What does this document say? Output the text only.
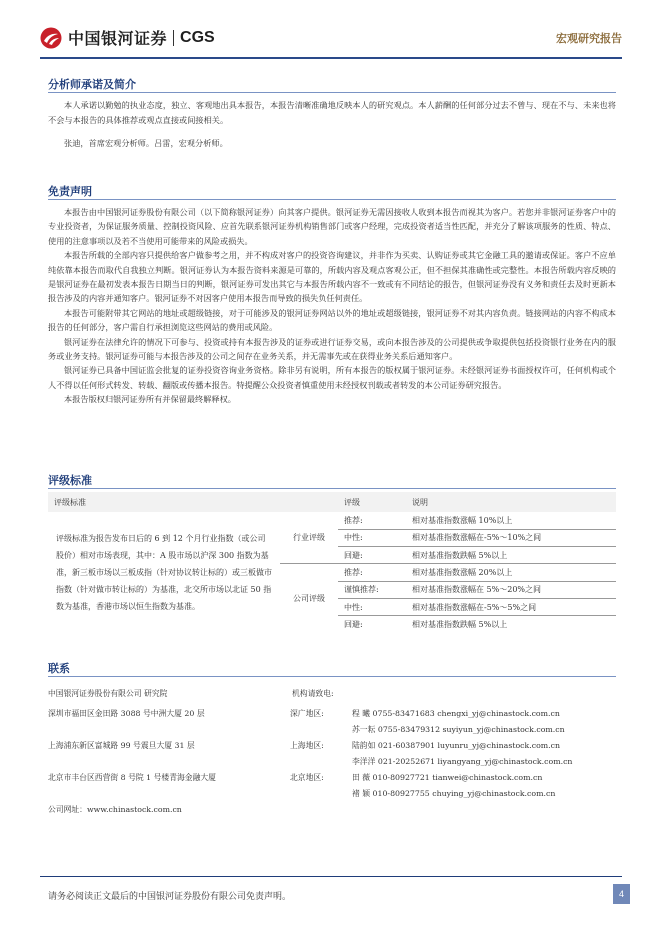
中国银河证券 CGS	宏观研究报告
分析师承诺及简介

本人承诺以勤勉的执业态度，独立、客观地出具本报告，本报告清晰准确地反映本人的研究观点。本人薪酬的任何部分过去不曾与、现在不与、未来也将不会与本报告的具体推荐或观点直接或间接相关。

张迪，首席宏观分析师。吕雷，宏观分析师。

免责声明

本报告由中国银河证券股份有限公司（以下简称银河证券）向其客户提供。银河证券无需因接收人收到本报告而视其为客户。若您并非银河证券客户中的专业投资者，为保证服务质量、控制投资风险、应首先联系银河证券机构销售部门或客户经理，完成投资者适当性匹配，并充分了解该项服务的性质、特点、使用的注意事项以及若不当使用可能带来的风险或损失。

本报告所载的全部内容只提供给客户做参考之用，并不构成对客户的投资咨询建议，并非作为买卖、认购证券或其它金融工具的邀请或保证。客户不应单纯依靠本报告而取代自我独立判断。银河证券认为本报告资料来源是可靠的，所载内容及观点客观公正，但不担保其准确性或完整性。本报告所载内容反映的是银河证券在最初发表本报告日期当日的判断，银河证券可发出其它与本报告所载内容不一致或有不同结论的报告，但银河证券没有义务和责任去及时更新本报告涉及的内容并通知客户。银河证券不对因客户使用本报告而导致的损失负任何责任。

本报告可能附带其它网站的地址或超级链接，对于可能涉及的银河证券网站以外的地址或超级链接，银河证券不对其内容负责。链接网站的内容不构成本报告的任何部分，客户需自行承担浏览这些网站的费用或风险。

银河证券在法律允许的情况下可参与、投资或持有本报告涉及的证券或进行证券交易，或向本报告涉及的公司提供或争取提供包括投资银行业务在内的服务或业务支持。银河证券可能与本报告涉及的公司之间存在业务关系，并无需事先或在获得业务关系后通知客户。

银河证券已具备中国证监会批复的证券投资咨询业务资格。除非另有说明，所有本报告的版权属于银河证券。未经银河证券书面授权许可，任何机构或个人不得以任何形式转发、转载、翻版或传播本报告。特提醒公众投资者慎重使用未经授权刊载或者转发的本公司证券研究报告。

本报告版权归银河证券所有并保留最终解释权。

评级标准
评级标准		评级	说明
评级标准为报告发布日后的 6 到 12 个月行业指数（或公司股价）相对市场表现，其中：A 股市场以沪深 300 指数为基准，新三板市场以三板成指（针对协议转让标的）或三板做市指数（针对做市转让标的）为基准，北交所市场以北证 50 指数为基准，香港市场以恒生指数为基准。	行业评级	推荐:	相对基准指数涨幅 10%以上
		中性:	相对基准指数涨幅在-5%～10%之间
		回避:	相对基准指数跌幅 5%以上
	公司评级	推荐:	相对基准指数涨幅 20%以上
		谨慎推荐:	相对基准指数涨幅在 5%～20%之间
		中性:	相对基准指数涨幅在-5%～5%之间
		回避:	相对基准指数跌幅 5%以上
联系
中国银河证券股份有限公司 研究院	机构请致电:
深圳市福田区金田路 3088 号中洲大厦 20 层	深广地区:	程 曦 0755-83471683 chengxi_yj@chinastock.com.cn
苏一耘 0755-83479312 suyiyun_yj@chinastock.com.cn
上海浦东新区富城路 99 号震旦大厦 31 层	上海地区:	陆韵如 021-60387901 luyunru_yj@chinastock.com.cn
李洋洋 021-20252671 liyangyang_yj@chinastock.com.cn
北京市丰台区西营街 8 号院 1 号楼青海金融大厦	北京地区:	田 薇 010-80927721 tianwei@chinastock.com.cn
褚 颖 010-80927755 chuying_yj@chinastock.com.cn
公司网址：www.chinastock.com.cn
请务必阅读正文最后的中国银河证券股份有限公司免责声明。	4
